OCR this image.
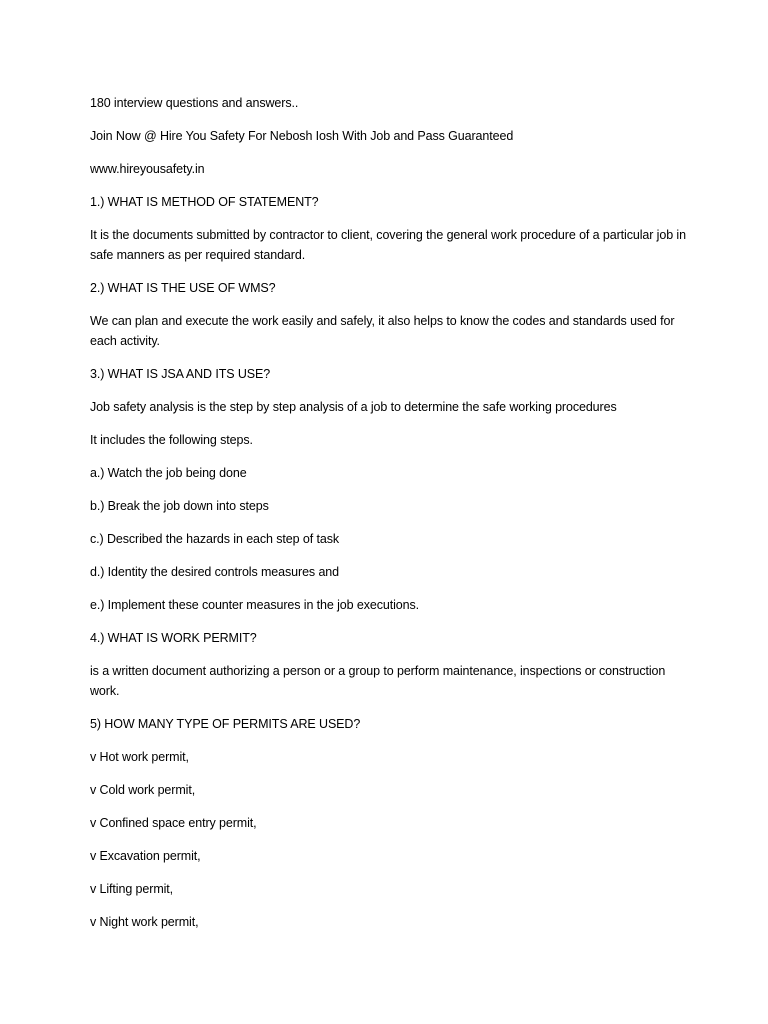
180 interview questions and answers..

Join Now @ Hire You Safety For Nebosh Iosh With Job and Pass Guaranteed

www.hireyousafety.in

1.) WHAT IS METHOD OF STATEMENT?

It is the documents submitted by contractor to client, covering the general work procedure of a particular job in safe manners as per required standard.

2.) WHAT IS THE USE OF WMS?

We can plan and execute the work easily and safely, it also helps to know the codes and standards used for each activity.

3.) WHAT IS JSA AND ITS USE?

Job safety analysis is the step by step analysis of a job to determine the safe working procedures

It includes the following steps.

a.) Watch the job being done

b.) Break the job down into steps

c.) Described the hazards in each step of task

d.) Identity the desired controls measures and

e.) Implement these counter measures in the job executions.

4.) WHAT IS WORK PERMIT?

is a written document authorizing a person or a group to perform maintenance, inspections or construction work.

5) HOW MANY TYPE OF PERMITS ARE USED?

v Hot work permit,

v Cold work permit,

v Confined space entry permit,

v Excavation permit,

v Lifting permit,

v Night work permit,
